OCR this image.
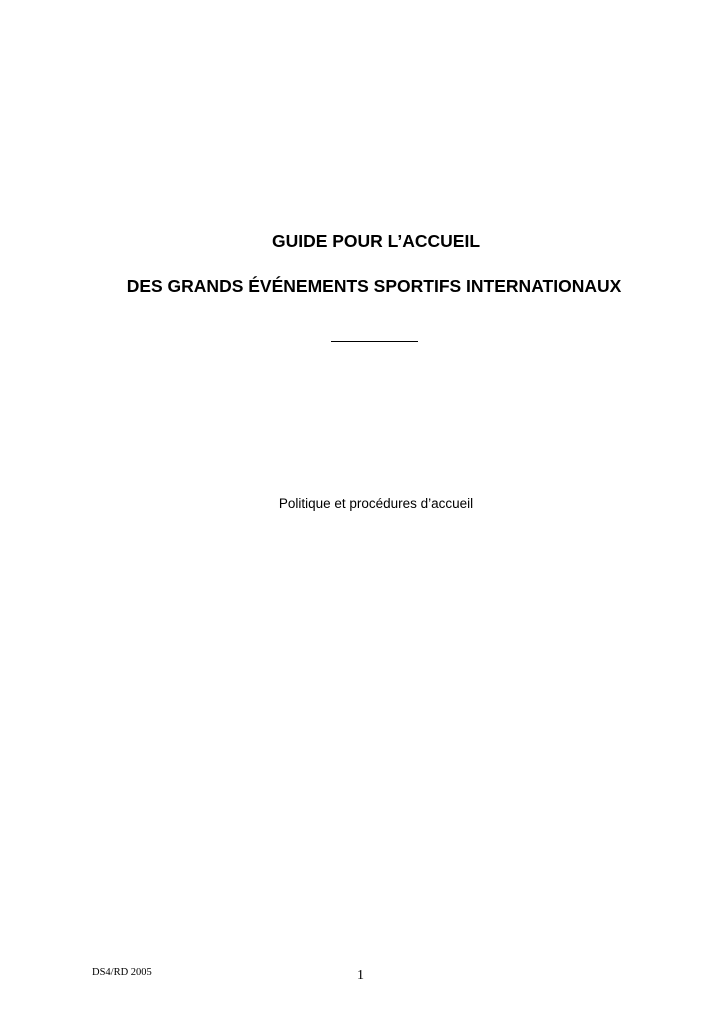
GUIDE POUR L’ACCUEIL
DES GRANDS ÉVÉNEMENTS SPORTIFS INTERNATIONAUX

Politique et procédures d’accueil

DS4/RD 2005	1
